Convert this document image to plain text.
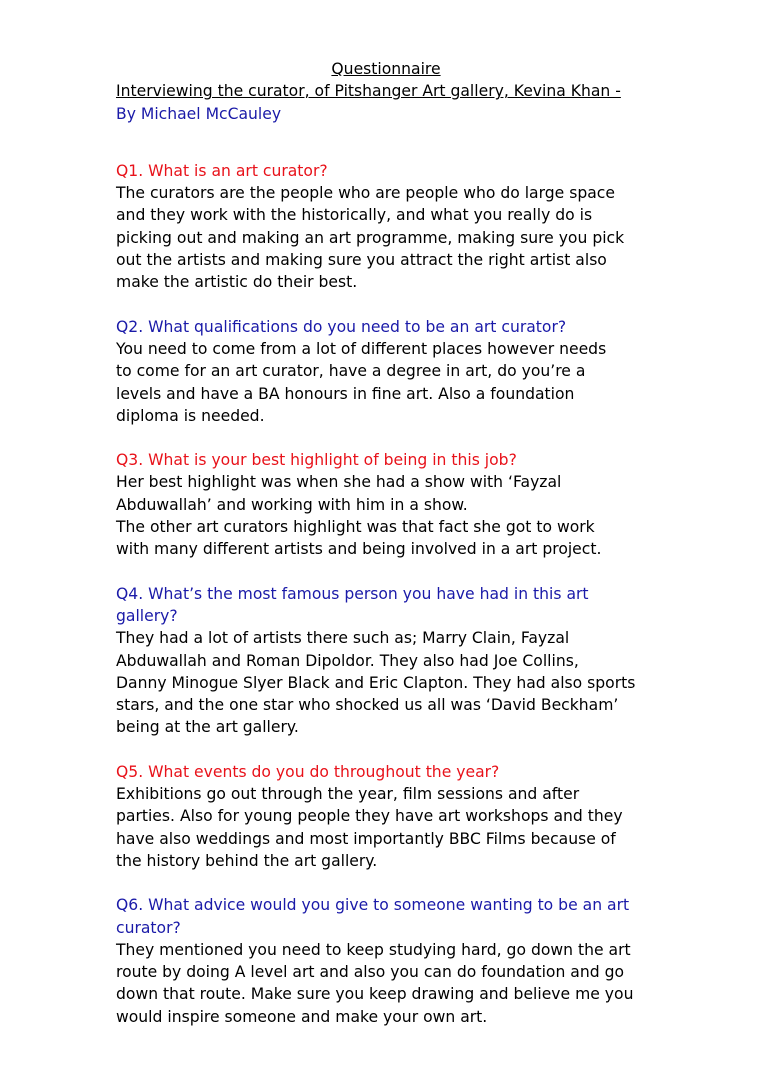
Questionnaire

Interviewing the curator, of Pitshanger Art gallery, Kevina Khan -

By Michael McCauley

Q1. What is an art curator?

The curators are the people who are people who do large space
and they work with the historically, and what you really do is
picking out and making an art programme, making sure you pick
out the artists and making sure you attract the right artist also
make the artistic do their best.

Q2. What qualifications do you need to be an art curator?

You need to come from a lot of different places however needs
to come for an art curator, have a degree in art, do you’re a
levels and have a BA honours in fine art. Also a foundation
diploma is needed.

Q3. What is your best highlight of being in this job?

Her best highlight was when she had a show with ‘Fayzal
Abduwallah’ and working with him in a show.
The other art curators highlight was that fact she got to work
with many different artists and being involved in a art project.
Q4. What’s the most famous person you have had in this art
gallery?
They had a lot of artists there such as; Marry Clain, Fayzal
Abduwallah and Roman Dipoldor. They also had Joe Collins,
Danny Minogue Slyer Black and Eric Clapton. They had also sports
stars, and the one star who shocked us all was ‘David Beckham’
being at the art gallery.

Q5. What events do you do throughout the year?

Exhibitions go out through the year, film sessions and after
parties. Also for young people they have art workshops and they
have also weddings and most importantly BBC Films because of
the history behind the art gallery.
Q6. What advice would you give to someone wanting to be an art
curator?
They mentioned you need to keep studying hard, go down the art
route by doing A level art and also you can do foundation and go
down that route. Make sure you keep drawing and believe me you
would inspire someone and make your own art.
